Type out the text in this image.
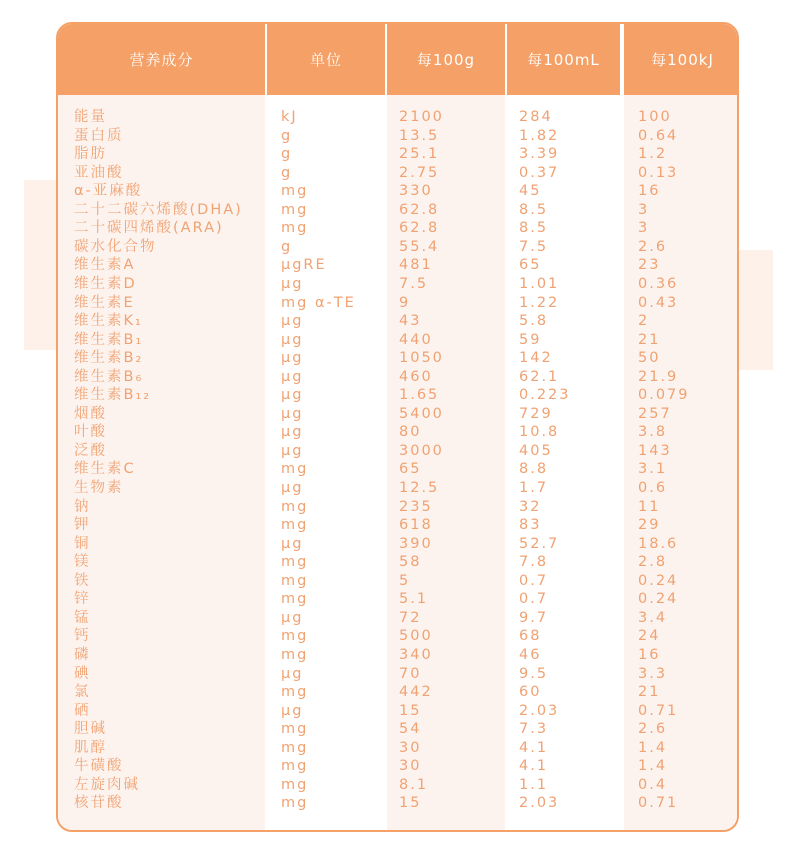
营养成分
能量
蛋白质
脂肪
亚油酸
α-亚麻酸
二十二碳六烯酸(DHA)
二十碳四烯酸(ARA)
碳水化合物
维生素A
维生素D
维生素E
维生素K₁
维生素B₁
维生素B₂
维生素B₆
维生素B₁₂
烟酸
叶酸
泛酸
维生素C
生物素
钠
钾
铜
镁
铁
锌
锰
钙
磷
碘
氯
硒
胆碱
肌醇
牛磺酸
左旋肉碱
核苷酸
单位
kJ
g
g
g
mg
mg
mg
g
μgRE
μg
mg α-TE
μg
μg
μg
μg
μg
μg
μg
μg
mg
μg
mg
mg
μg
mg
mg
mg
μg
mg
mg
μg
mg
μg
mg
mg
mg
mg
mg
每100g
2100
13.5
25.1
2.75
330
62.8
62.8
55.4
481
7.5
9
43
440
1050
460
1.65
5400
80
3000
65
12.5
235
618
390
58
5
5.1
72
500
340
70
442
15
54
30
30
8.1
15
每100mL
284
1.82
3.39
0.37
45
8.5
8.5
7.5
65
1.01
1.22
5.8
59
142
62.1
0.223
729
10.8
405
8.8
1.7
32
83
52.7
7.8
0.7
0.7
9.7
68
46
9.5
60
2.03
7.3
4.1
4.1
1.1
2.03
每100kJ
100
0.64
1.2
0.13
16
3
3
2.6
23
0.36
0.43
2
21
50
21.9
0.079
257
3.8
143
3.1
0.6
11
29
18.6
2.8
0.24
0.24
3.4
24
16
3.3
21
0.71
2.6
1.4
1.4
0.4
0.71
